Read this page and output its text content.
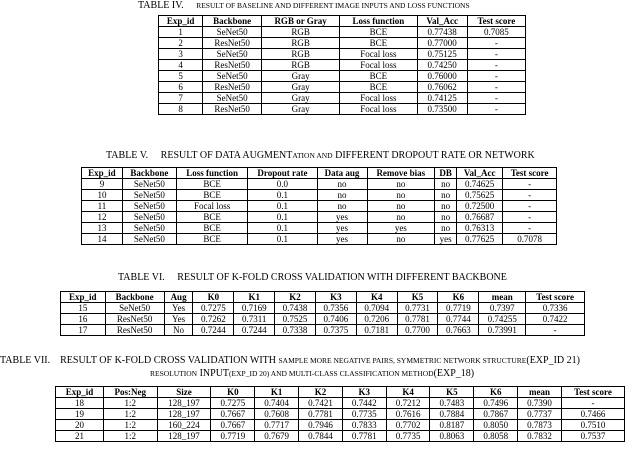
TABLE IV. RESULT OF BASELINE AND DIFFERENT IMAGE INPUTS AND LOSS FUNCTIONS
Exp_id	Backbone	RGB or Gray	Loss function	Val_Acc	Test score
1	SeNet50	RGB	BCE	0.77438	0.7085
2	ResNet50	RGB	BCE	0.77000	-
3	SeNet50	RGB	Focal loss	0.75125	-
4	ResNet50	RGB	Focal loss	0.74250	-
5	SeNet50	Gray	BCE	0.76000	-
6	ResNet50	Gray	BCE	0.76062	-
7	SeNet50	Gray	Focal loss	0.74125	-
8	ResNet50	Gray	Focal loss	0.73500	-
TABLE V. RESULT OF DATA AUGMENTATION AND DIFFERENT DROPOUT RATE OR NETWORK
Exp_id	Backbone	Loss function	Dropout rate	Data aug	Remove bias	DB	Val_Acc	Test score
9	SeNet50	BCE	0.0	no	no	no	0.74625	-
10	SeNet50	BCE	0.1	no	no	no	0.75625	-
11	SeNet50	Focal loss	0.1	no	no	no	0.72500	-
12	SeNet50	BCE	0.1	yes	no	no	0.76687	-
13	SeNet50	BCE	0.1	yes	yes	no	0.76313	-
14	SeNet50	BCE	0.1	yes	no	yes	0.77625	0.7078
TABLE VI. RESULT OF K-FOLD CROSS VALIDATION WITH DIFFERENT BACKBONE
Exp_id	Backbone	Aug	K0	K1	K2	K3	K4	K5	K6	mean	Test score
15	SeNet50	Yes	0.7275	0.7169	0.7438	0.7356	0.7094	0.7731	0.7719	0.7397	0.7336
16	ResNet50	Yes	0.7262	0.7311	0.7525	0.7406	0.7206	0.7781	0.7744	0.74255	0.7422
17	ResNet50	No	0.7244	0.7244	0.7338	0.7375	0.7181	0.7700	0.7663	0.73991	-
TABLE VII. RESULT OF K-FOLD CROSS VALIDATION WITH SAMPLE MORE NEGATIVE PAIRS, SYMMETRIC NETWORK STRUCTURE(EXP_ID 21)
RESOLUTION INPUT(EXP_ID 20) AND MULTI-CLASS CLASSIFICATION METHOD(EXP_18)
Exp_id	Pos:Neg	Size	K0	K1	K2	K3	K4	K5	K6	mean	Test score
18	1:2	128_197	0.7275	0.7404	0.7421	0.7442	0.7212	0.7483	0.7496	0.7390	-
19	1:2	128_197	0.7667	0.7608	0.7781	0.7735	0.7616	0.7884	0.7867	0.7737	0.7466
20	1:2	160_224	0.7667	0.7717	0.7946	0.7833	0.7702	0.8187	0.8050	0.7873	0.7510
21	1:2	128_197	0.7719	0.7679	0.7844	0.7781	0.7735	0.8063	0.8058	0.7832	0.7537
